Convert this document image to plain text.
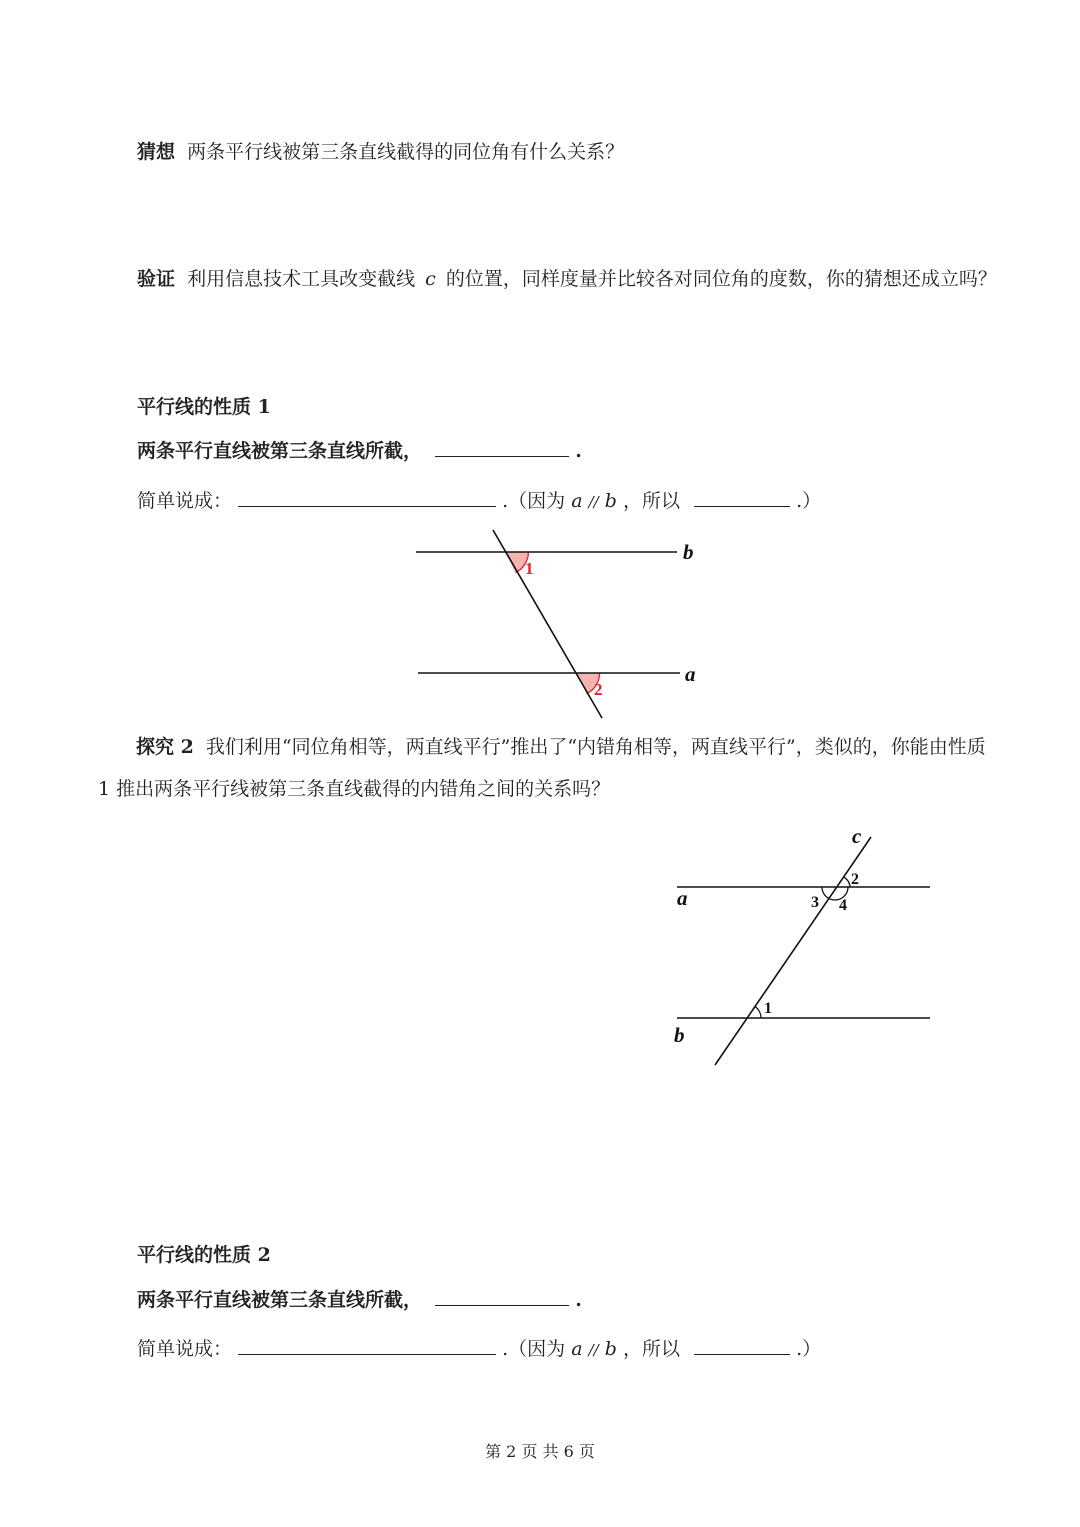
猜想 两条平行线被第三条直线截得的同位角有什么关系？
验证 利用信息技术工具改变截线 c 的位置，同样度量并比较各对同位角的度数，你的猜想还成立吗？
平行线的性质 1
两条平行直线被第三条直线所截，	.
简单说成：	.（因为 a // b ，所以	.）
b
a
1
2
探究 2 我们利用“同位角相等，两直线平行”推出了“内错角相等，两直线平行”，类似的，你能由性质 1 推出两条平行线被第三条直线截得的内错角之间的关系吗？
c
a
b
2
3 4
1
平行线的性质 2
两条平行直线被第三条直线所截，	.
简单说成：	.（因为 a // b ，所以	.）
第 2 页 共 6 页
